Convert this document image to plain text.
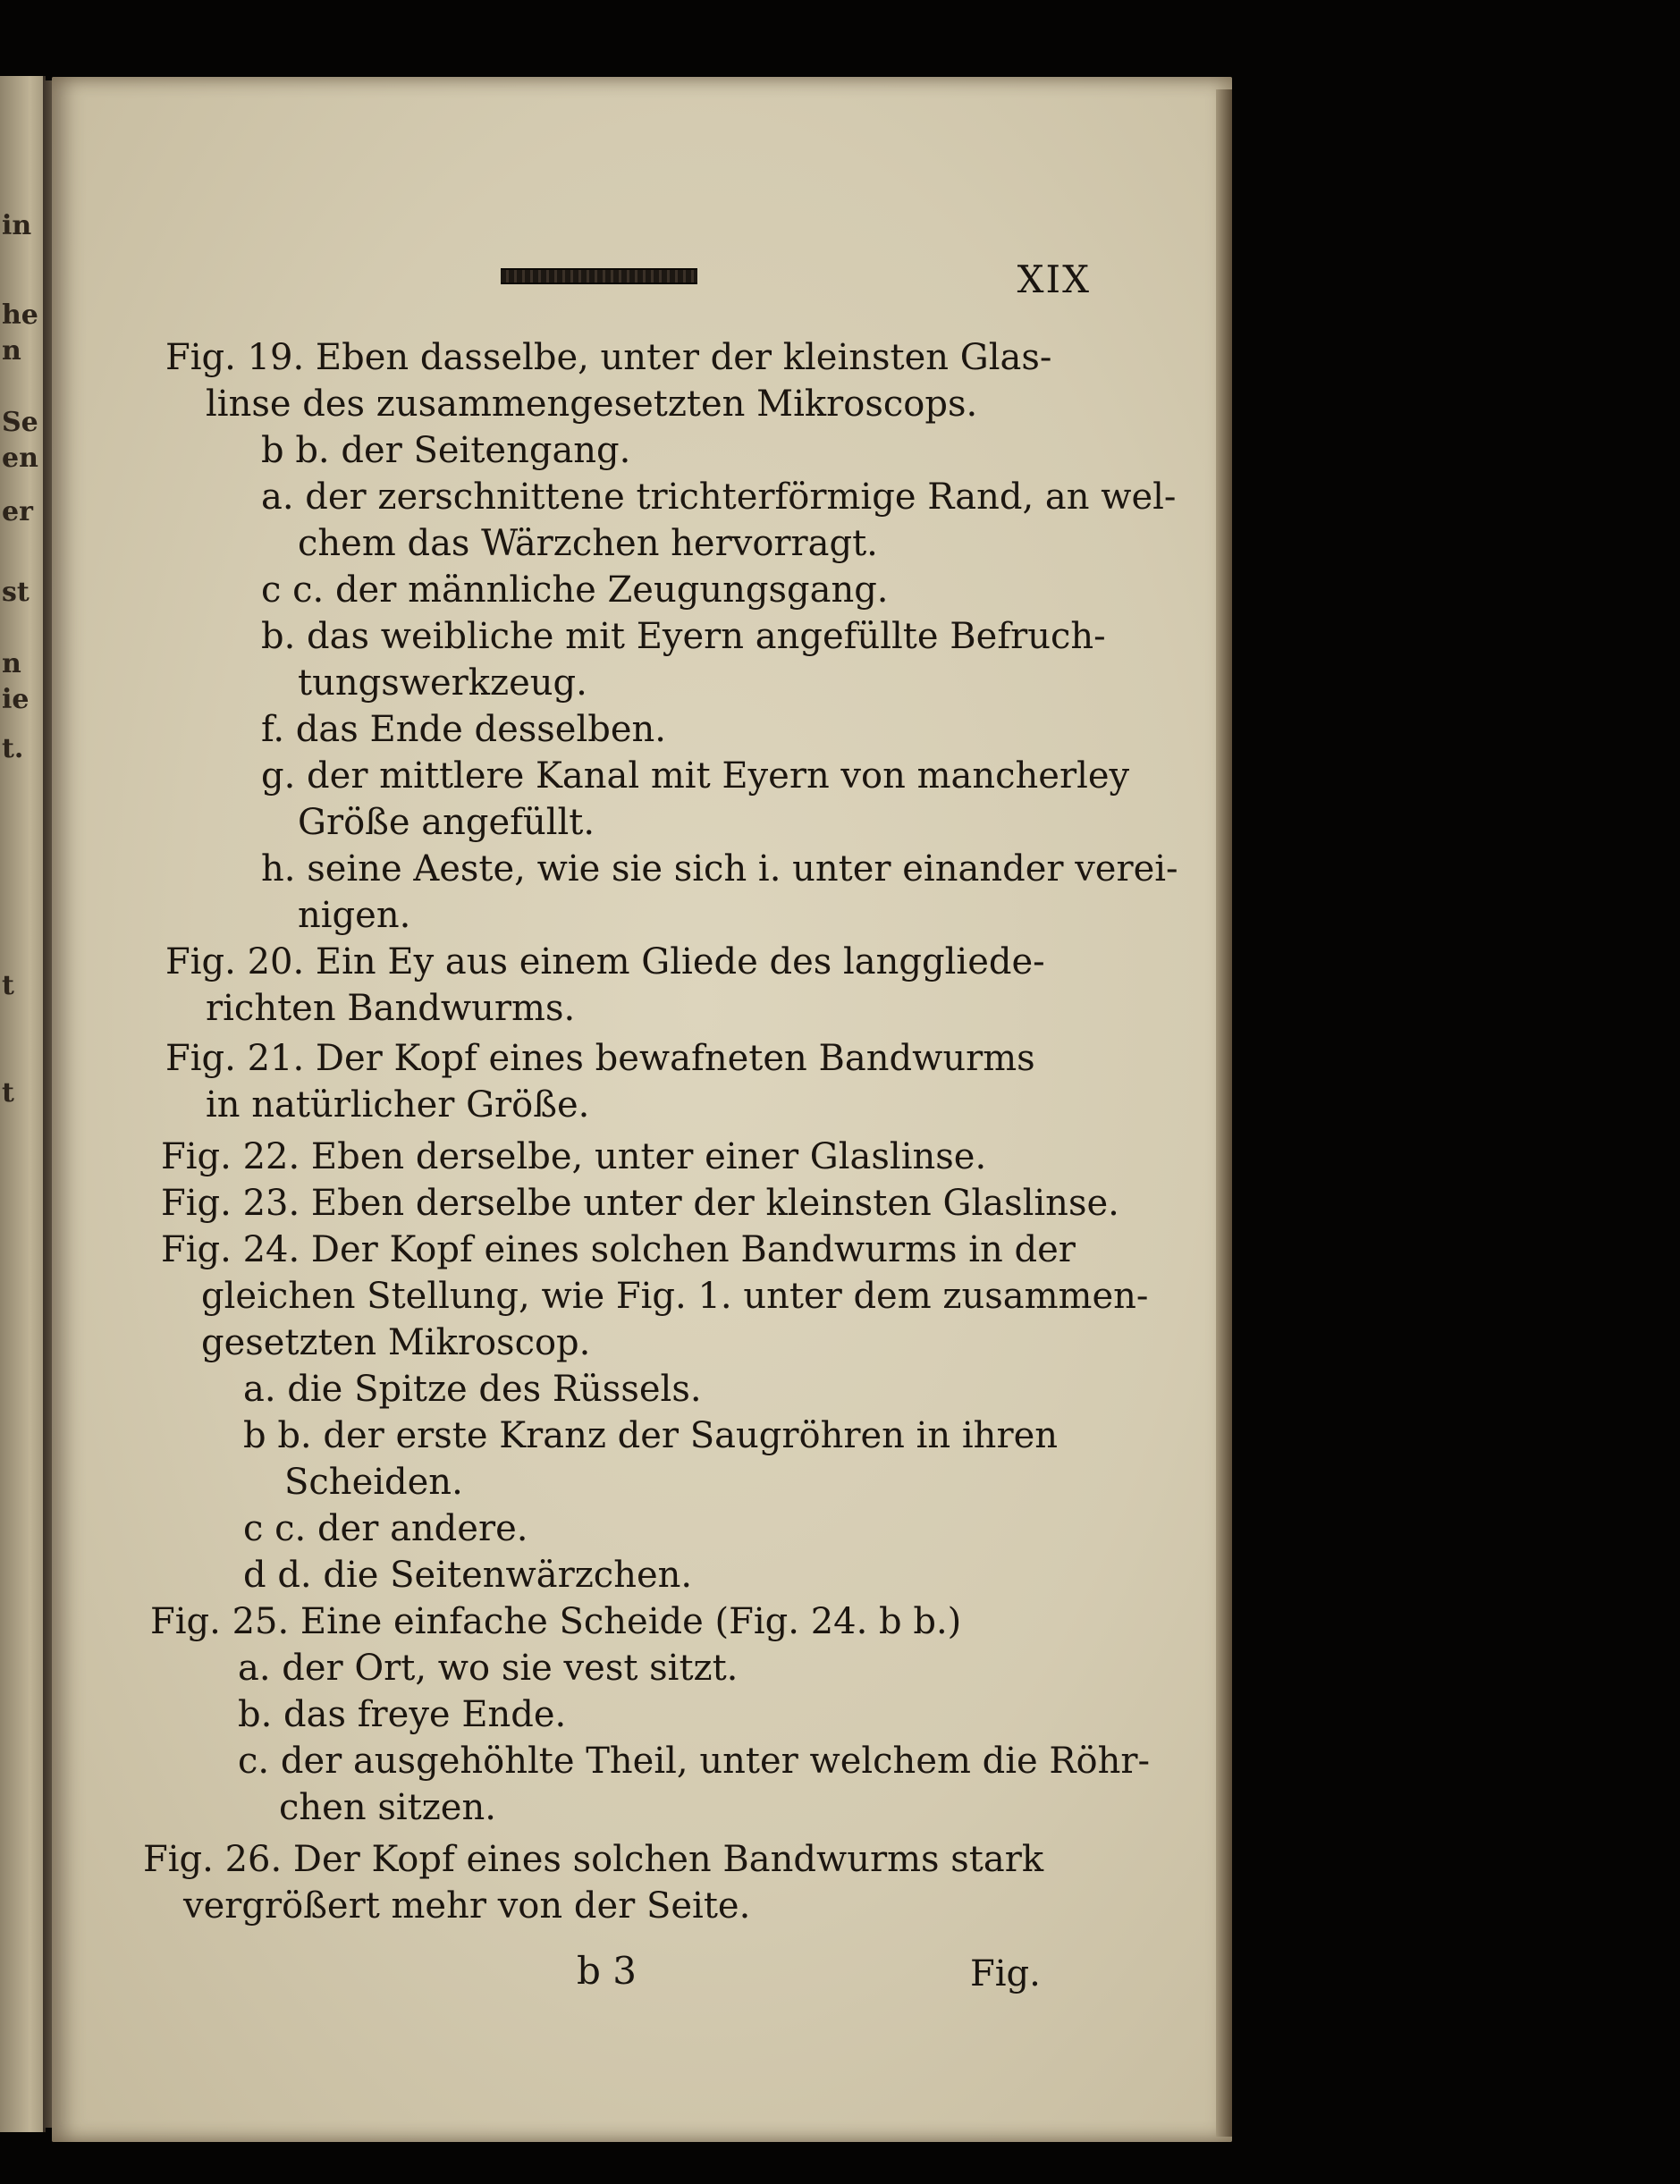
in
he
n
Se
en
er
st
n
ie
t.
t
t
XIX
Fig. 19. Eben dasselbe, unter der kleinsten Glas-
linse des zusammengesetzten Mikroscops.
b b. der Seitengang.
a. der zerschnittene trichterförmige Rand, an wel-
chem das Wärzchen hervorragt.
c c. der männliche Zeugungsgang.
b. das weibliche mit Eyern angefüllte Befruch-
tungswerkzeug.
f. das Ende desselben.
g. der mittlere Kanal mit Eyern von mancherley
Größe angefüllt.
h. seine Aeste, wie sie sich i. unter einander verei-
nigen.
Fig. 20. Ein Ey aus einem Gliede des langgliede-
richten Bandwurms.
Fig. 21. Der Kopf eines bewafneten Bandwurms
in natürlicher Größe.
Fig. 22. Eben derselbe, unter einer Glaslinse.
Fig. 23. Eben derselbe unter der kleinsten Glaslinse.
Fig. 24. Der Kopf eines solchen Bandwurms in der
gleichen Stellung, wie Fig. 1. unter dem zusammen-
gesetzten Mikroscop.
a. die Spitze des Rüssels.
b b. der erste Kranz der Saugröhren in ihren
Scheiden.
c c. der andere.
d d. die Seitenwärzchen.
Fig. 25. Eine einfache Scheide (Fig. 24. b b.)
a. der Ort, wo sie vest sitzt.
b. das freye Ende.
c. der ausgehöhlte Theil, unter welchem die Röhr-
chen sitzen.
Fig. 26. Der Kopf eines solchen Bandwurms stark
vergrößert mehr von der Seite.
b 3	Fig.
